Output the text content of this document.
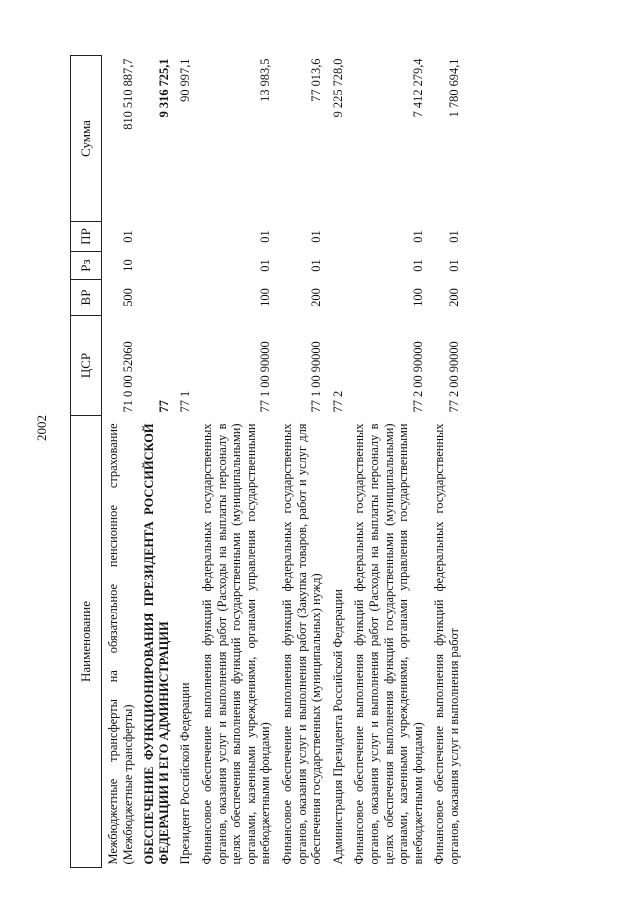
2002
Наименование	ЦСР	ВР	Рз	ПР	Сумма
Межбюджетные трансферты на обязательное пенсионное страхование (Межбюджетные трансферты)	71 0 00 52060	500	10	01	810 510 887,7
ОБЕСПЕЧЕНИЕ ФУНКЦИОНИРОВАНИЯ ПРЕЗИДЕНТА РОССИЙСКОЙ ФЕДЕРАЦИИ И ЕГО АДМИНИСТРАЦИИ	77				9 316 725,1
Президент Российской Федерации	77 1				90 997,1
Финансовое обеспечение выполнения функций федеральных государственных органов, оказания услуг и выполнения работ (Расходы на выплаты персоналу в целях обеспечения выполнения функций государственными (муниципальными) органами, казенными учреждениями, органами управления государственными внебюджетными фондами)	77 1 00 90000	100	01	01	13 983,5
Финансовое обеспечение выполнения функций федеральных государственных органов, оказания услуг и выполнения работ (Закупка товаров, работ и услуг для обеспечения государственных (муниципальных) нужд)	77 1 00 90000	200	01	01	77 013,6
Администрация Президента Российской Федерации	77 2				9 225 728,0
Финансовое обеспечение выполнения функций федеральных государственных органов, оказания услуг и выполнения работ (Расходы на выплаты персоналу в целях обеспечения выполнения функций государственными (муниципальными) органами, казенными учреждениями, органами управления государственными внебюджетными фондами)	77 2 00 90000	100	01	01	7 412 279,4
Финансовое обеспечение выполнения функций федеральных государственных органов, оказания услуг и выполнения работ	77 2 00 90000	200	01	01	1 780 694,1
